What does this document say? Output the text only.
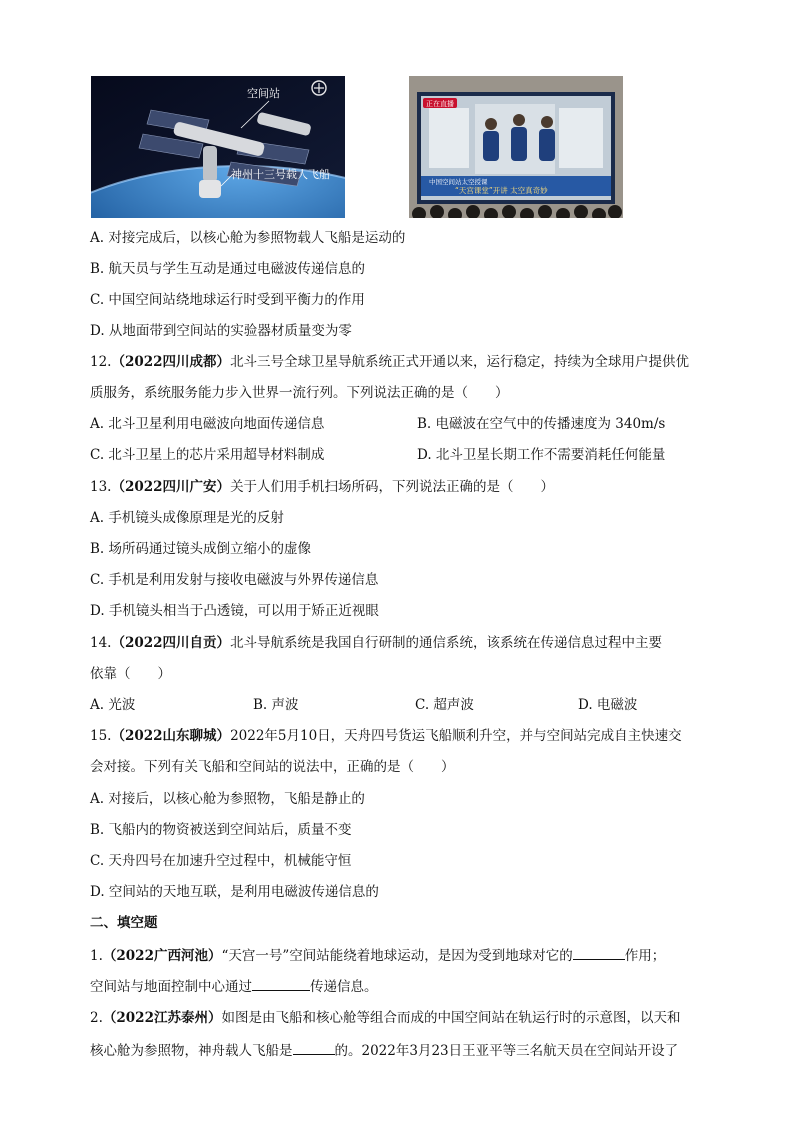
空间站
神州十三号载人飞船
正在直播
中国空间站太空授课
“天宫课堂”开讲 太空真奇妙
A. 对接完成后，以核心舱为参照物载人飞船是运动的
B. 航天员与学生互动是通过电磁波传递信息的
C. 中国空间站绕地球运行时受到平衡力的作用
D. 从地面带到空间站的实验器材质量变为零
12.（2022四川成都）北斗三号全球卫星导航系统正式开通以来，运行稳定，持续为全球用户提供优
质服务，系统服务能力步入世界一流行列。下列说法正确的是（　　）
A. 北斗卫星利用电磁波向地面传递信息	B. 电磁波在空气中的传播速度为 340m/s
C. 北斗卫星上的芯片采用超导材料制成	D. 北斗卫星长期工作不需要消耗任何能量
13.（2022四川广安）关于人们用手机扫场所码，下列说法正确的是（　　）
A. 手机镜头成像原理是光的反射
B. 场所码通过镜头成倒立缩小的虚像
C. 手机是利用发射与接收电磁波与外界传递信息
D. 手机镜头相当于凸透镜，可以用于矫正近视眼
14.（2022四川自贡）北斗导航系统是我国自行研制的通信系统，该系统在传递信息过程中主要
依靠（　　）
A. 光波	B. 声波	C. 超声波	D. 电磁波
15.（2022山东聊城）2022年5月10日，天舟四号货运飞船顺利升空，并与空间站完成自主快速交
会对接。下列有关飞船和空间站的说法中，正确的是（　　）
A. 对接后，以核心舱为参照物，飞船是静止的
B. 飞船内的物资被送到空间站后，质量不变
C. 天舟四号在加速升空过程中，机械能守恒
D. 空间站的天地互联，是利用电磁波传递信息的
二、填空题
1.（2022广西河池）“天宫一号”空间站能绕着地球运动，是因为受到地球对它的	作用；
空间站与地面控制中心通过	传递信息。
2.（2022江苏泰州）如图是由飞船和核心舱等组合而成的中国空间站在轨运行时的示意图，以天和
核心舱为参照物，神舟载人飞船是	的。2022年3月23日王亚平等三名航天员在空间站开设了
